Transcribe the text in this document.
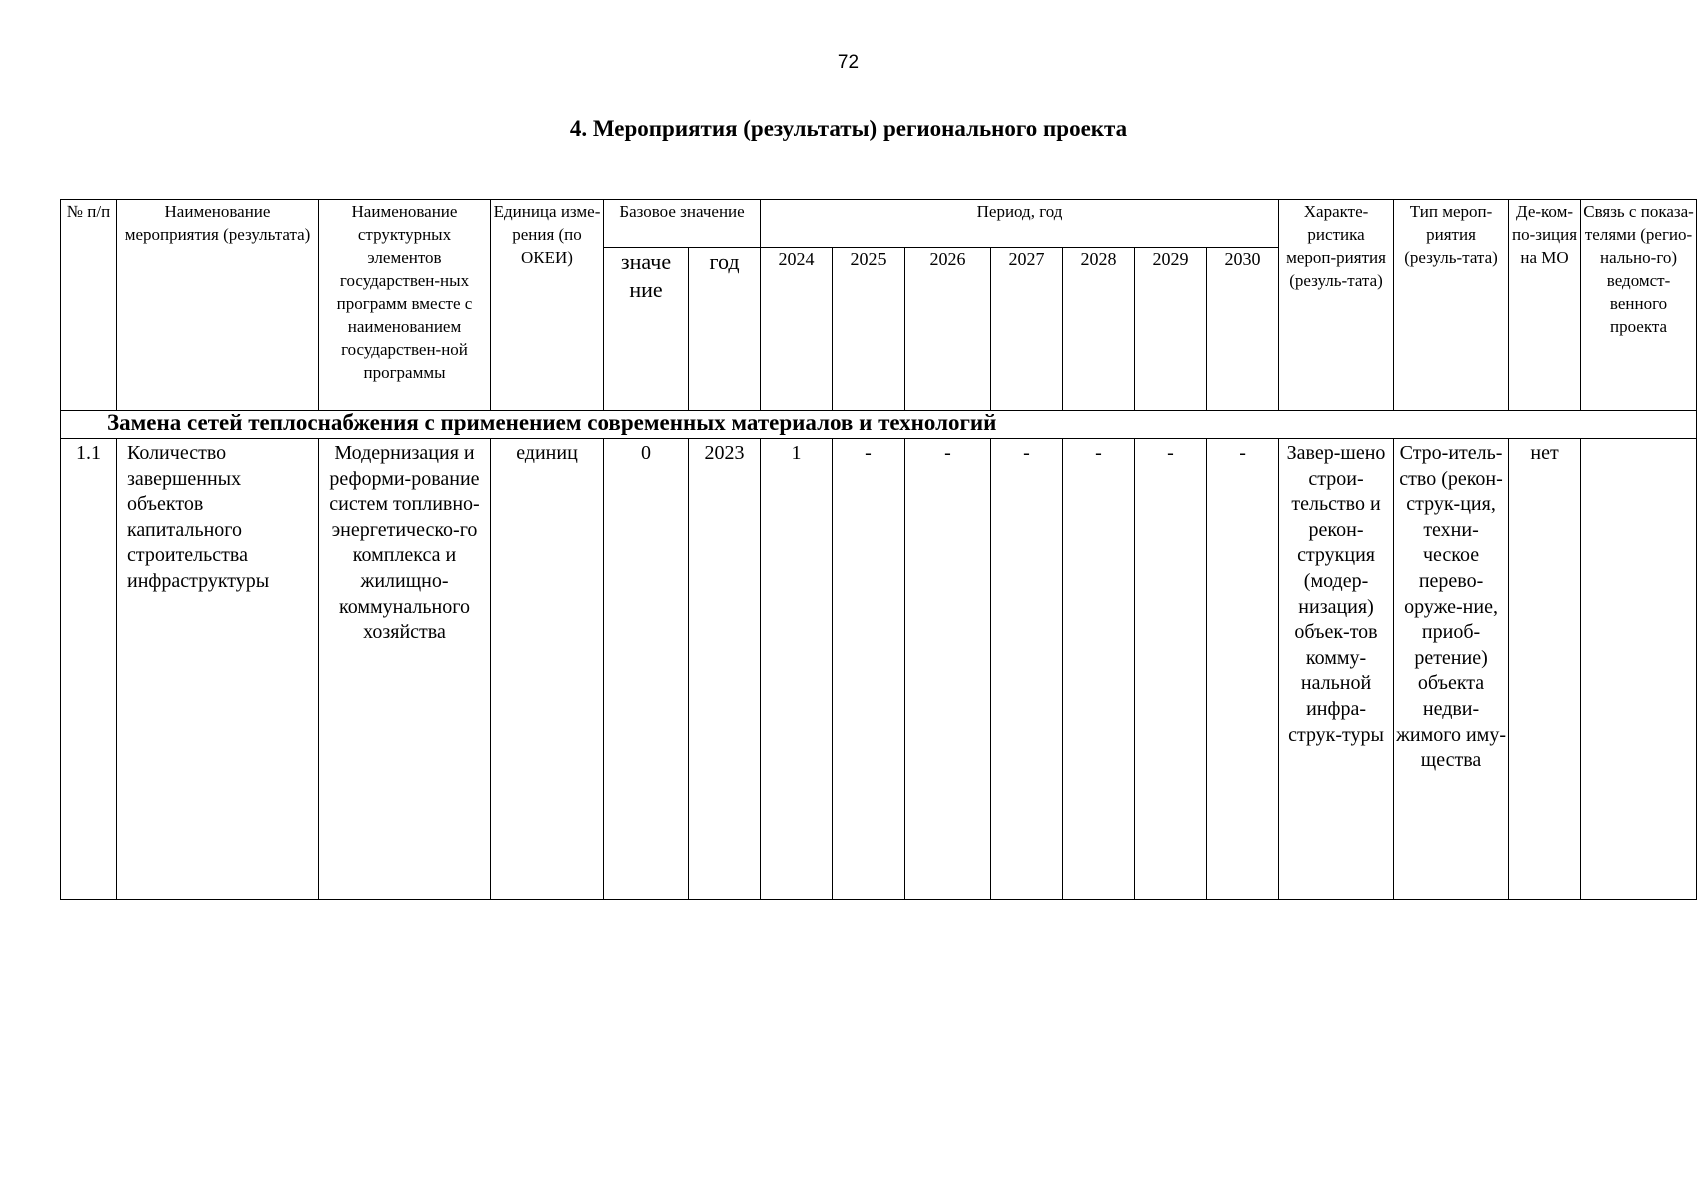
72
4. Мероприятия (результаты) регионального проекта
№ п/п	Наименование мероприятия (результата)	Наименование структурных элементов государствен-ных программ вместе с наименованием государствен-ной программы	Единица изме-рения (по ОКЕИ)	Базовое значение		Период, год							Характе-ристика мероп-риятия (резуль-тата)	Тип мероп-риятия (резуль-тата)	Де-ком-по-зиция на МО	Связь с показа-телями (регио-нально-го) ведомст-венного проекта
				значе ние	год	2024	2025	2026	2027	2028	2029	2030				
Замена сетей теплоснабжения с применением современных материалов и технологий																
1.1	Количество завершенных объектов капитального строительства инфраструктуры	Модернизация и реформи-рование систем топливно-энергетическо-го комплекса и жилищно-коммунального хозяйства	единиц	0	2023	1	-	-	-	-	-	-	Завер-шено строи-тельство и рекон-струкция (модер-низация) объек-тов комму-нальной инфра-струк-туры	Стро-итель-ство (рекон-струк-ция, техни-ческое перево-оруже-ние, приоб-ретение) объекта недви-жимого иму-щества	нет	
